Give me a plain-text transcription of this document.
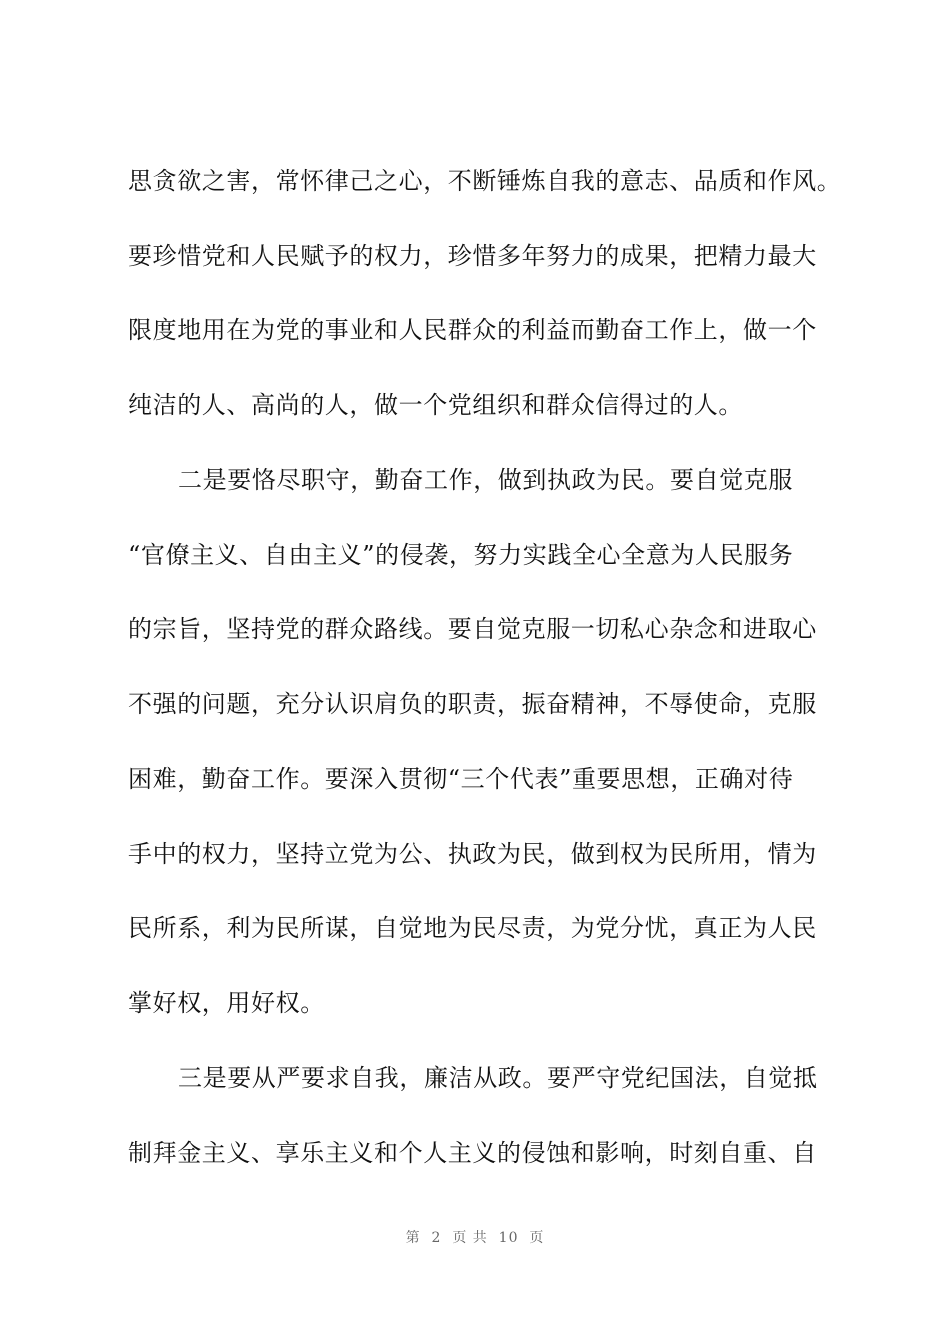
思贪欲之害，常怀律己之心，不断锤炼自我的意志、品质和作风。
要珍惜党和人民赋予的权力，珍惜多年努力的成果，把精力最大
限度地用在为党的事业和人民群众的利益而勤奋工作上，做一个
纯洁的人、高尚的人，做一个党组织和群众信得过的人。
二是要恪尽职守，勤奋工作，做到执政为民。要自觉克服
“官僚主义、自由主义”的侵袭，努力实践全心全意为人民服务
的宗旨，坚持党的群众路线。要自觉克服一切私心杂念和进取心
不强的问题，充分认识肩负的职责，振奋精神，不辱使命，克服
困难，勤奋工作。要深入贯彻“三个代表”重要思想，正确对待
手中的权力，坚持立党为公、执政为民，做到权为民所用，情为
民所系，利为民所谋，自觉地为民尽责，为党分忧，真正为人民
掌好权，用好权。
三是要从严要求自我，廉洁从政。要严守党纪国法，自觉抵
制拜金主义、享乐主义和个人主义的侵蚀和影响，时刻自重、自
第  2  页 共  10  页
